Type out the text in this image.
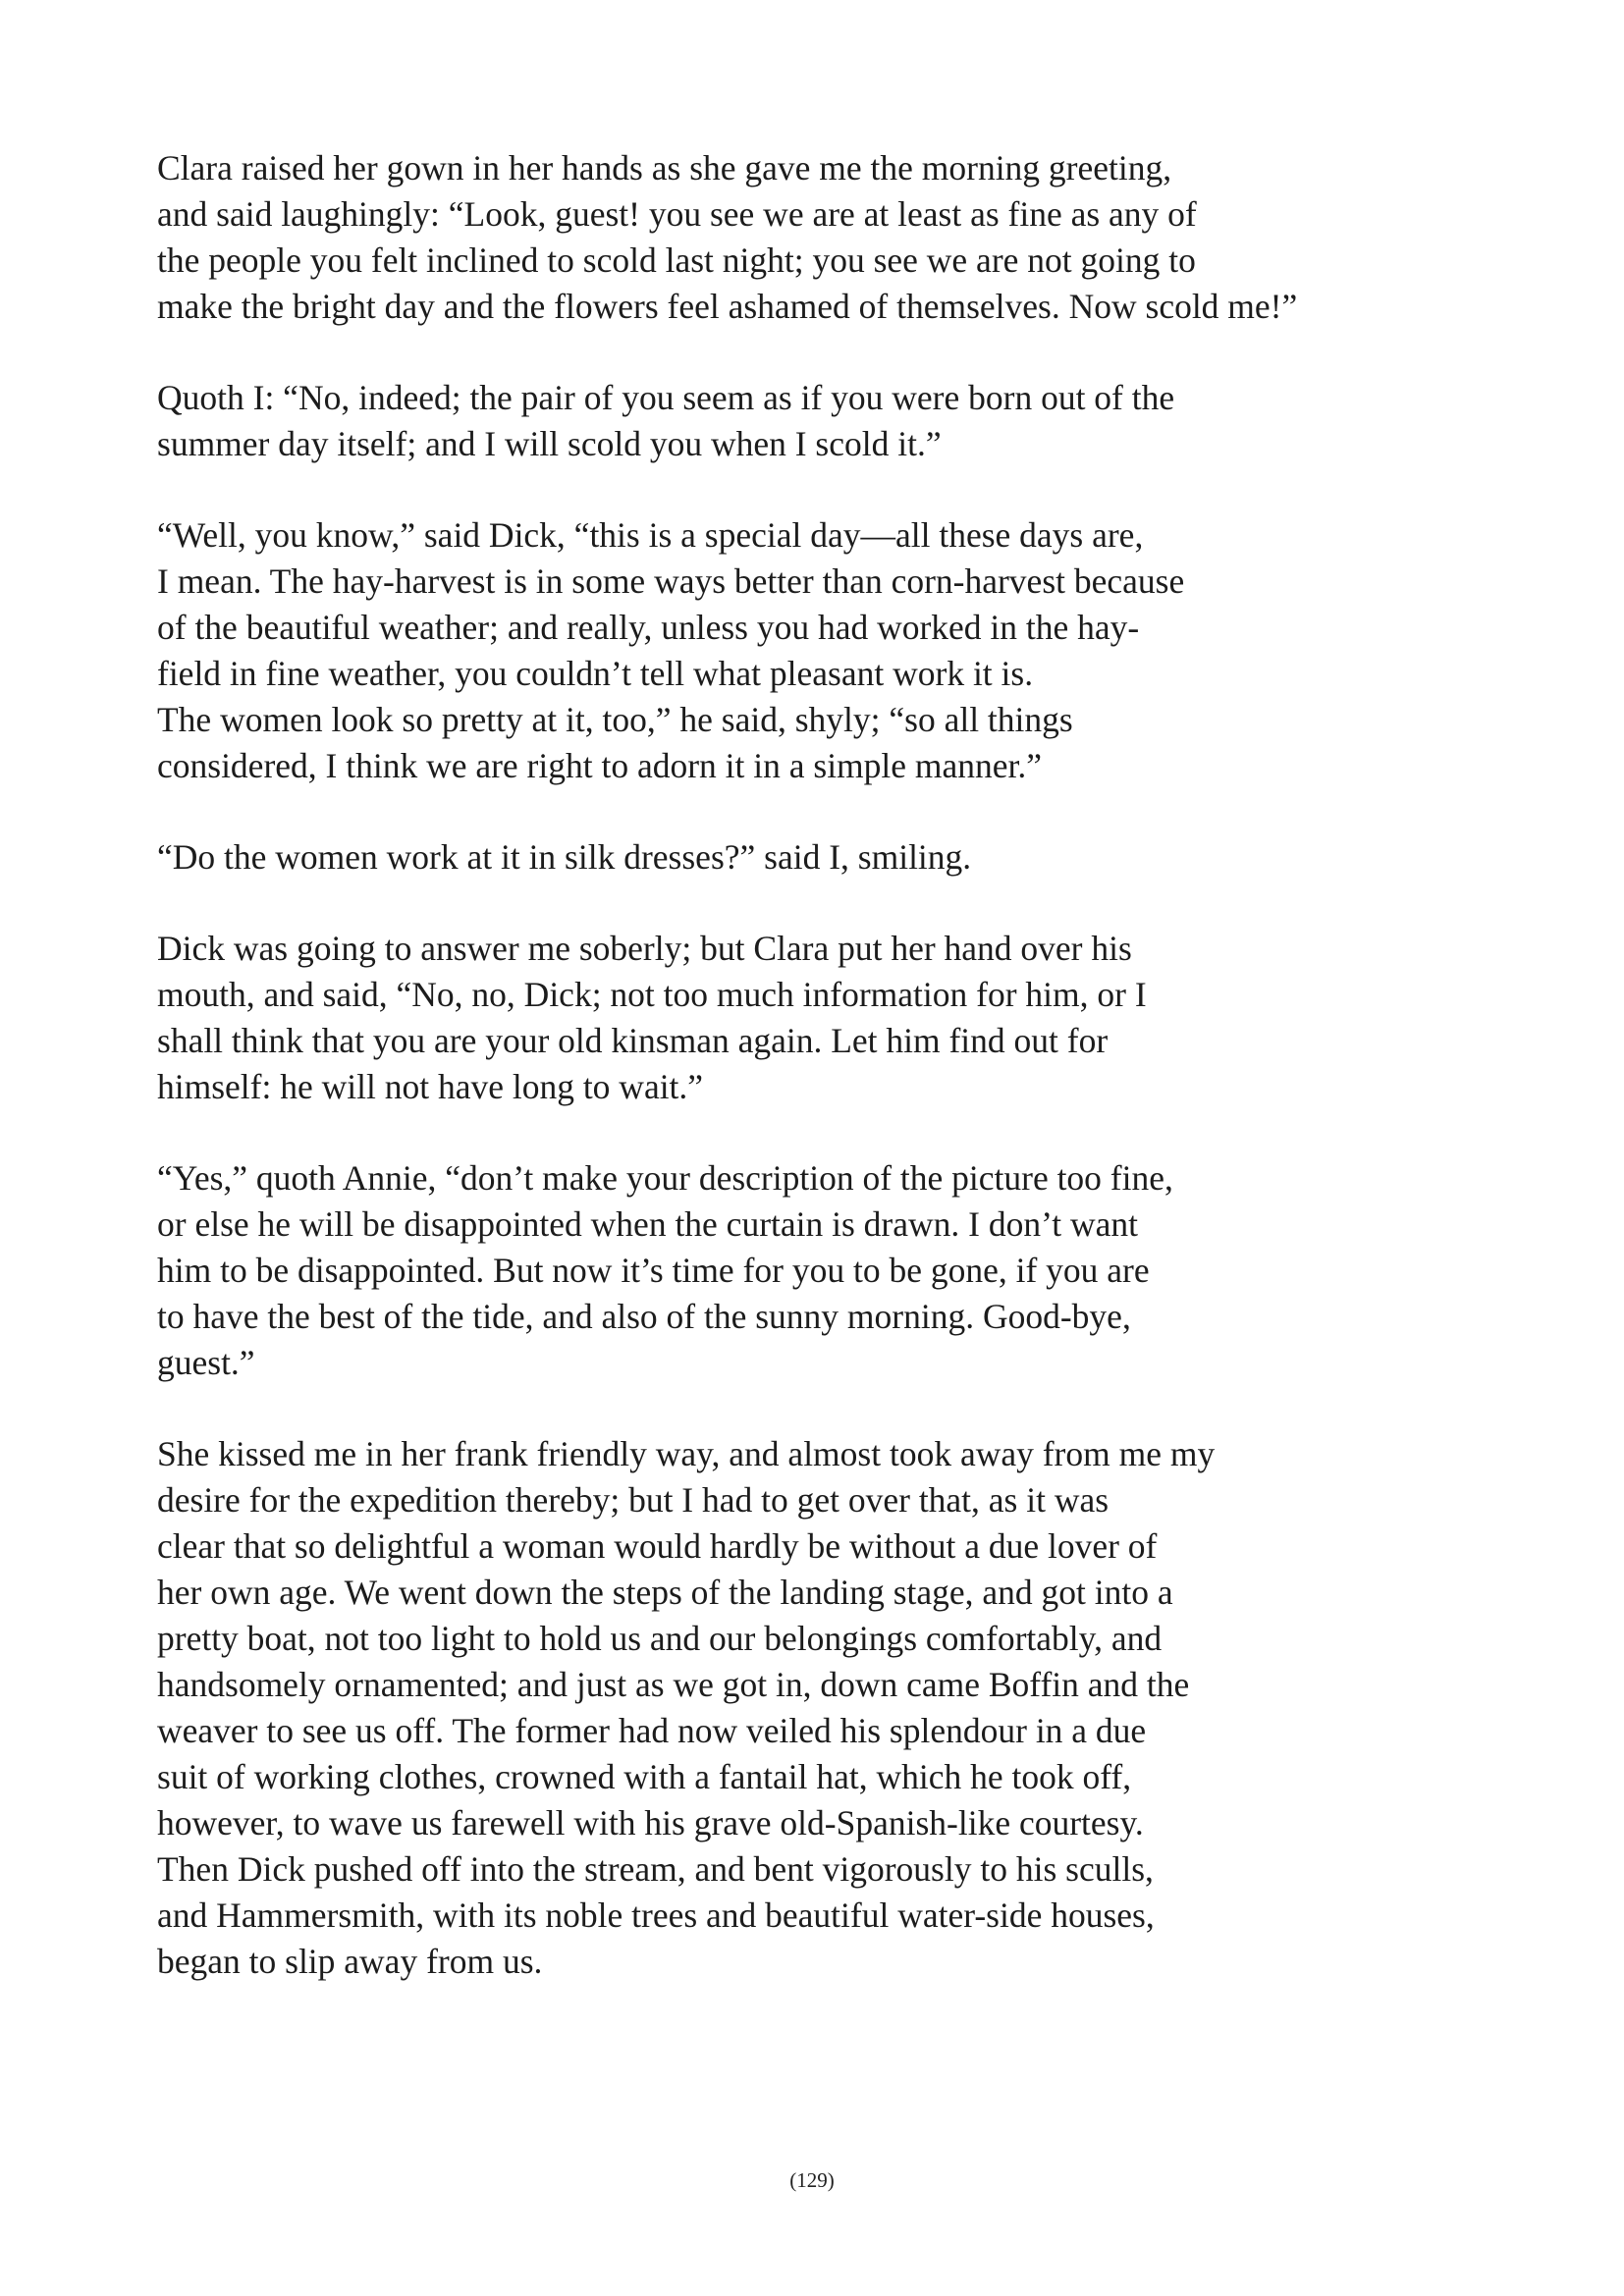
Clara raised her gown in her hands as she gave me the morning greeting,
and said laughingly: “Look, guest! you see we are at least as fine as any of
the people you felt inclined to scold last night; you see we are not going to
make the bright day and the flowers feel ashamed of themselves. Now scold me!”
Quoth I: “No, indeed; the pair of you seem as if you were born out of the
summer day itself; and I will scold you when I scold it.”
“Well, you know,” said Dick, “this is a special day—all these days are,
I mean. The hay-harvest is in some ways better than corn-harvest because
of the beautiful weather; and really, unless you had worked in the hay-
field in fine weather, you couldn’t tell what pleasant work it is.
The women look so pretty at it, too,” he said, shyly; “so all things
considered, I think we are right to adorn it in a simple manner.”
“Do the women work at it in silk dresses?” said I, smiling.
Dick was going to answer me soberly; but Clara put her hand over his
mouth, and said, “No, no, Dick; not too much information for him, or I
shall think that you are your old kinsman again. Let him find out for
himself: he will not have long to wait.”
“Yes,” quoth Annie, “don’t make your description of the picture too fine,
or else he will be disappointed when the curtain is drawn. I don’t want
him to be disappointed. But now it’s time for you to be gone, if you are
to have the best of the tide, and also of the sunny morning. Good-bye,
guest.”
She kissed me in her frank friendly way, and almost took away from me my
desire for the expedition thereby; but I had to get over that, as it was
clear that so delightful a woman would hardly be without a due lover of
her own age. We went down the steps of the landing stage, and got into a
pretty boat, not too light to hold us and our belongings comfortably, and
handsomely ornamented; and just as we got in, down came Boffin and the
weaver to see us off. The former had now veiled his splendour in a due
suit of working clothes, crowned with a fantail hat, which he took off,
however, to wave us farewell with his grave old-Spanish-like courtesy.
Then Dick pushed off into the stream, and bent vigorously to his sculls,
and Hammersmith, with its noble trees and beautiful water-side houses,
began to slip away from us.
(129)
